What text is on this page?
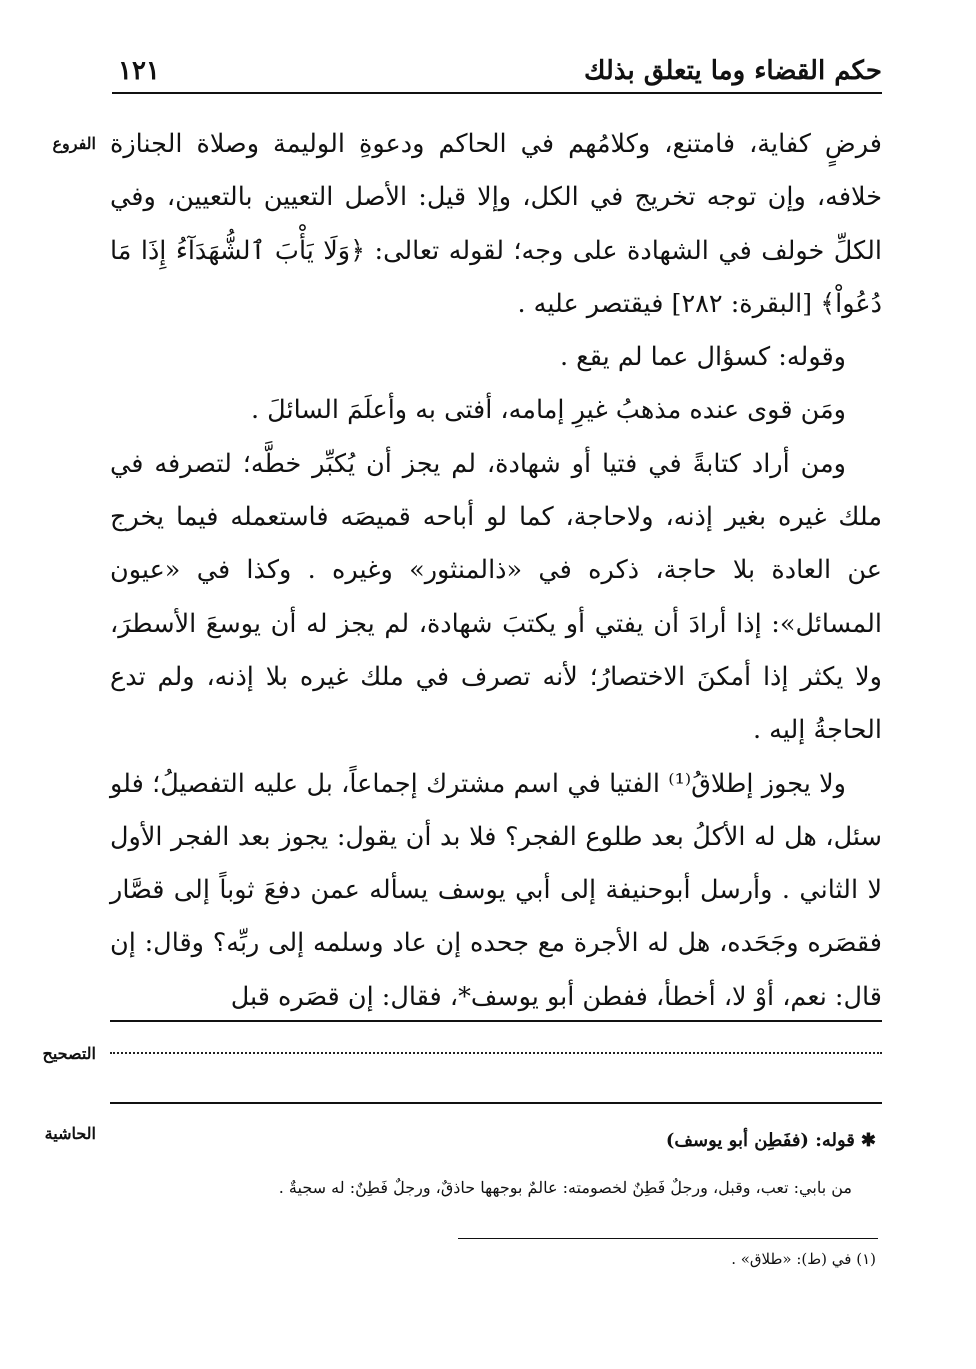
حكم القضاء وما يتعلق بذلك
١٢١
الفروع فرضٍ كفاية، فامتنع، وكلامُهم في الحاكم ودعوةِ الوليمة وصلاة الجنازة خلافه، وإن توجه تخريج في الكل، وإلا قيل: الأصل التعيين بالتعيين، وفي الكلِّ خولف في الشهادة على وجه؛ لقوله تعالى: ﴿وَلَا يَأْبَ ٱلشُّهَدَآءُ إِذَا مَا دُعُواْ﴾ [البقرة: ٢٨٢] فيقتصر عليه .

وقوله: كسؤال عما لم يقع .

ومَن قوى عنده مذهبُ غيرِ إمامه، أفتى به وأعلَمَ السائلَ .

ومن أراد كتابةً في فتيا أو شهادة، لم يجز أن يُكبِّر خطَّه؛ لتصرفه في ملك غيره بغير إذنه، ولاحاجة، كما لو أباحه قميصَه فاستعمله فيما يخرج عن العادة بلا حاجة، ذكره في «ذالمنثور» وغيره . وكذا في «عيون المسائل»: إذا أرادَ أن يفتي أو يكتبَ شهادة، لم يجز له أن يوسعَ الأسطرَ، ولا يكثر إذا أمكنَ الاختصارُ؛ لأنه تصرف في ملك غيره بلا إذنه، ولم تدع الحاجةُ إليه .

ولا يجوز إطلاقُ⁽¹⁾ الفتيا في اسم مشترك إجماعاً، بل عليه التفصيلُ؛ فلو سئل، هل له الأكلُ بعد طلوع الفجر؟ فلا بد أن يقول: يجوز بعد الفجر الأول لا الثاني . وأرسل أبوحنيفة إلى أبي يوسف يسأله عمن دفعَ ثوباً إلى قصَّار فقصَره وجَحَده، هل له الأجرة مع جحده إن عاد وسلمه إلى ربِّه؟ وقال: إن قال: نعم، أوْ لا، أخطأ، ففطن أبو يوسف*، فقال: إن قصَره قبل

التصحيح
الحاشية	✱قوله: (ففَطِن أبو يوسف)
من بابي: تعب، وقبل، ورجلٌ فَطِنٌ لخصومته: عالمٌ بوجهها حاذقٌ، ورجلٌ فَطِنٌ: له سجيةٌ .
(١) في (ط): «طلاق» .
